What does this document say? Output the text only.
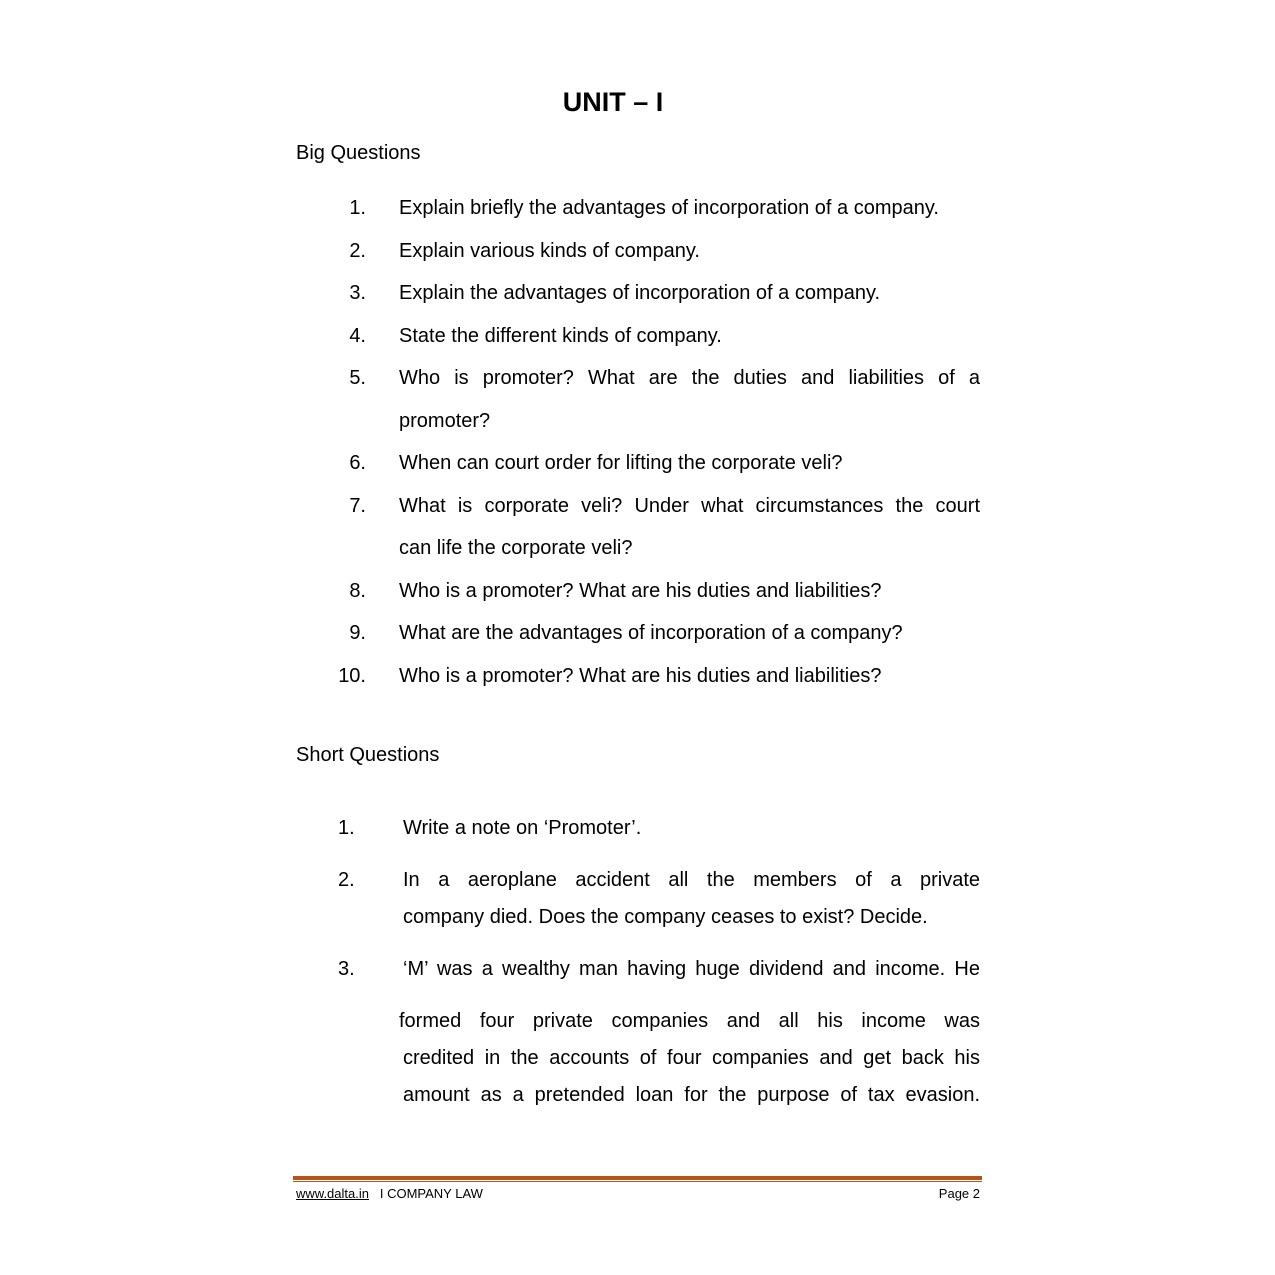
UNIT – I
Big Questions
1. Explain briefly the advantages of incorporation of a company.
2. Explain various kinds of company.
3. Explain the advantages of incorporation of a company.
4. State the different kinds of company.
5. Who is promoter? What are the duties and liabilities of a
promoter?
6. When can court order for lifting the corporate veli?
7. What is corporate veli? Under what circumstances the court
can life the corporate veli?
8. Who is a promoter? What are his duties and liabilities?
9. What are the advantages of incorporation of a company?
10. Who is a promoter? What are his duties and liabilities?
Short Questions
1.	Write a note on ‘Promoter’.
2.	In a aeroplane accident all the members of a private
company died. Does the company ceases to exist? Decide.
3.	‘M’ was a wealthy man having huge dividend and income. He
formed four private companies and all his income was
credited in the accounts of four companies and get back his
amount as a pretended loan for the purpose of tax evasion.
www.dalta.in I COMPANY LAW	Page 2
